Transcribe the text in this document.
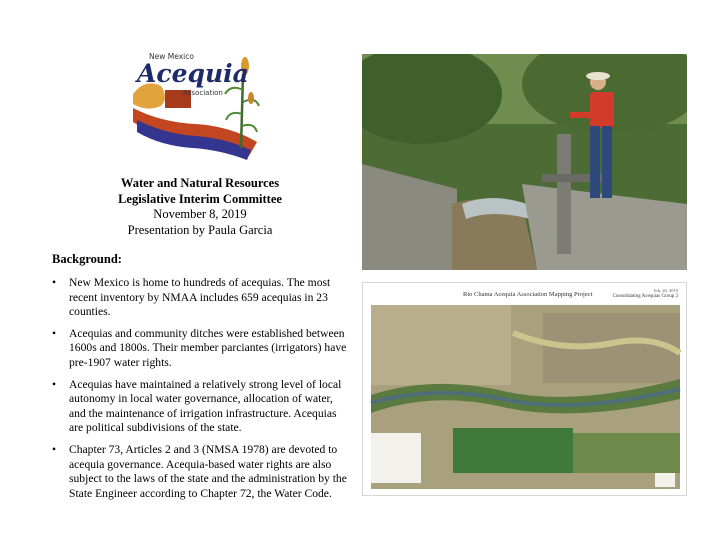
New Mexico
Acequia
Association
Water and Natural Resources
Legislative Interim Committee
November 8, 2019
Presentation by Paula Garcia
Background:
• New Mexico is home to hundreds of acequias. The most recent inventory by NMAA includes 659 acequias in 23 counties.
• Acequias and community ditches were established between 1600s and 1800s. Their member parciantes (irrigators) have pre-1907 water rights.
• Acequias have maintained a relatively strong level of local autonomy in local water governance, allocation of water, and the maintenance of irrigation infrastructure. Acequias are political subdivisions of the state.
• Chapter 73, Articles 2 and 3 (NMSA 1978) are devoted to acequia governance. Acequia-based water rights are also subject to the laws of the state and the administration by the State Engineer according to Chapter 72, the Water Code.
Rio Chama Acequia Association Mapping Project
July 26, 2019
Consolidating Acequias Group 2
